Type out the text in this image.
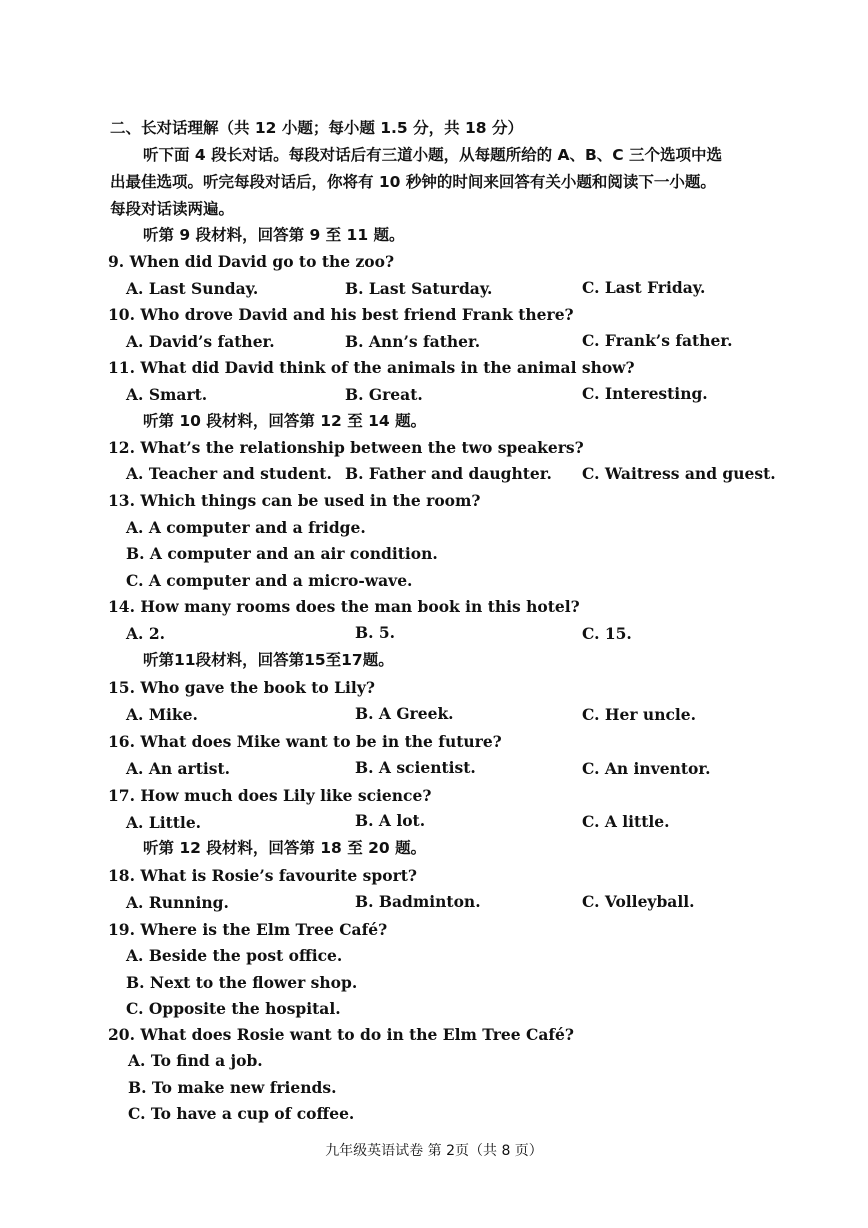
二、长对话理解（共 12 小题；每小题 1.5 分，共 18 分）
听下面 4 段长对话。每段对话后有三道小题，从每题所给的 A、B、C 三个选项中选
出最佳选项。听完每段对话后，你将有 10 秒钟的时间来回答有关小题和阅读下一小题。
每段对话读两遍。
听第 9 段材料，回答第 9 至 11 题。
9. When did David go to the zoo?
A. Last Sunday.	B. Last Saturday.	C. Last Friday.
10. Who drove David and his best friend Frank there?
A. David’s father.	B. Ann’s father.	C. Frank’s father.
11. What did David think of the animals in the animal show?
A. Smart.	B. Great.	C. Interesting.
听第 10 段材料，回答第 12 至 14 题。
12. What’s the relationship between the two speakers?
A. Teacher and student. B. Father and daughter. C. Waitress and guest.
13. Which things can be used in the room?
A. A computer and a fridge.
B. A computer and an air condition.
C. A computer and a micro-wave.
14. How many rooms does the man book in this hotel?
A. 2.	B. 5.	C. 15.
听第11段材料，回答第15至17题。
15. Who gave the book to Lily?
A. Mike.	B. A Greek.	C. Her uncle.
16. What does Mike want to be in the future?
A. An artist.	B. A scientist.	C. An inventor.
17. How much does Lily like science?
A. Little.	B. A lot.	C. A little.
听第 12 段材料，回答第 18 至 20 题。
18. What is Rosie’s favourite sport?
A. Running.	B. Badminton.	C. Volleyball.
19. Where is the Elm Tree Café?
A. Beside the post office.
B. Next to the flower shop.
C. Opposite the hospital.
20. What does Rosie want to do in the Elm Tree Café?
A. To find a job.
B. To make new friends.
C. To have a cup of coffee.
九年级英语试卷 第 2页（共 8 页）
